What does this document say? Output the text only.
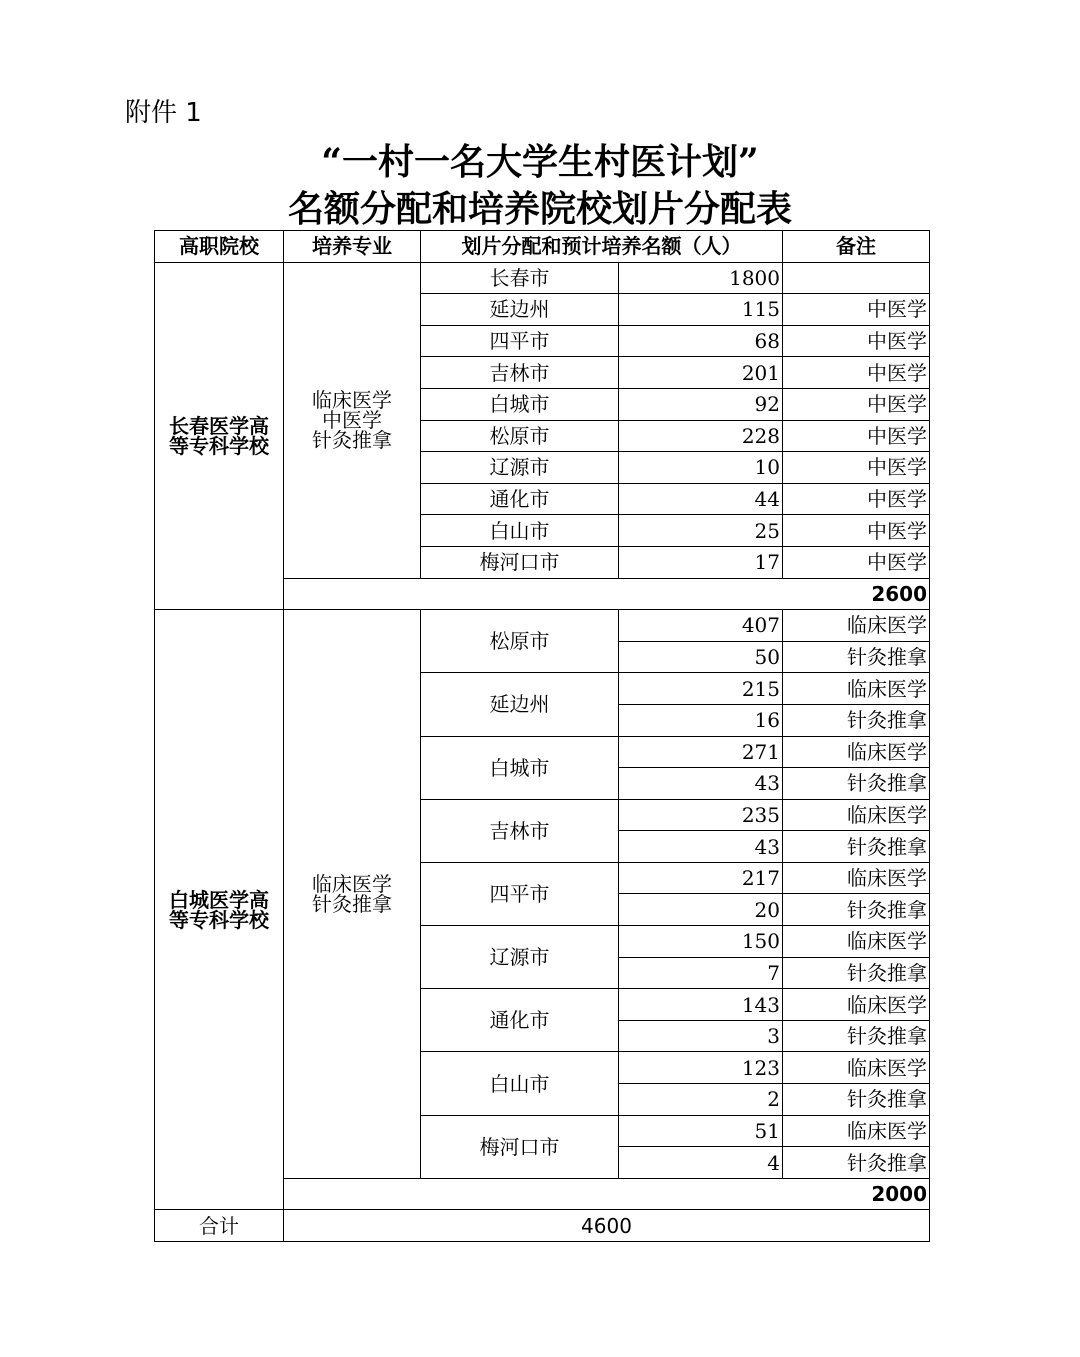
附件 1
“一村一名大学生村医计划”
名额分配和培养院校划片分配表
高职院校	培养专业	划片分配和预计培养名额（人）		备注

长春医学高
等专科学校	临床医学
中医学
针灸推拿	长春市	1800	
		延边州	115	中医学
		四平市	68	中医学
		吉林市	201	中医学
		白城市	92	中医学
		松原市	228	中医学
		辽源市	10	中医学
		通化市	44	中医学
		白山市	25	中医学
		梅河口市	17	中医学
	2600			

白城医学高
等专科学校	临床医学
针灸推拿	松原市	407	临床医学
			50	针灸推拿
		延边州	215	临床医学
			16	针灸推拿
		白城市	271	临床医学
			43	针灸推拿
		吉林市	235	临床医学
			43	针灸推拿
		四平市	217	临床医学
			20	针灸推拿
		辽源市	150	临床医学
			7	针灸推拿
		通化市	143	临床医学
			3	针灸推拿
		白山市	123	临床医学
			2	针灸推拿
		梅河口市	51	临床医学
			4	针灸推拿
	2000			
合计	4600			
